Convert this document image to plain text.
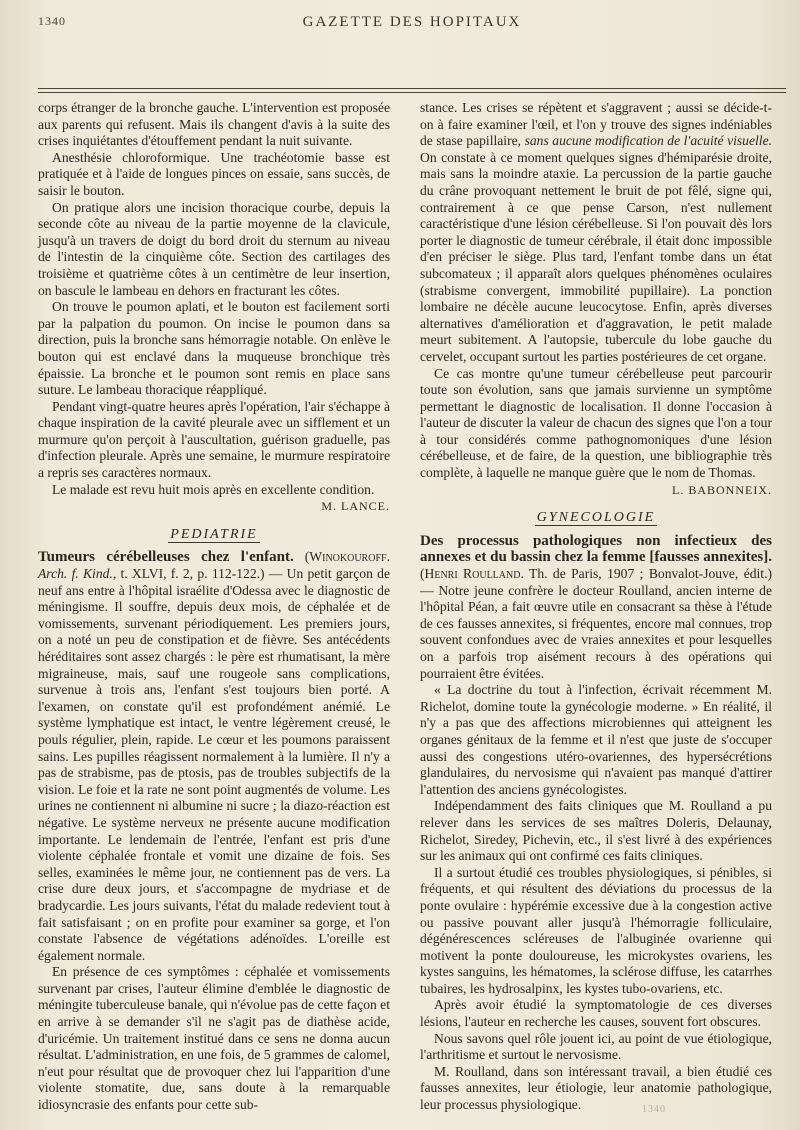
1340	GAZETTE DES HOPITAUX

corps étranger de la bronche gauche. L'intervention est proposée aux parents qui refusent. Mais ils changent d'avis à la suite des crises inquiétantes d'étouffement pendant la nuit suivante.

Anesthésie chloroformique. Une trachéotomie basse est pratiquée et à l'aide de longues pinces on essaie, sans succès, de saisir le bouton.

On pratique alors une incision thoracique courbe, depuis la seconde côte au niveau de la partie moyenne de la clavicule, jusqu'à un travers de doigt du bord droit du sternum au niveau de l'intestin de la cinquième côte. Section des cartilages des troisième et quatrième côtes à un centimètre de leur insertion, on bascule le lambeau en dehors en fracturant les côtes.

On trouve le poumon aplati, et le bouton est facilement sorti par la palpation du poumon. On incise le poumon dans sa direction, puis la bronche sans hémorragie notable. On enlève le bouton qui est enclavé dans la muqueuse bronchique très épaissie. La bronche et le poumon sont remis en place sans suture. Le lambeau thoracique réappliqué.

Pendant vingt-quatre heures après l'opération, l'air s'échappe à chaque inspiration de la cavité pleurale avec un sifflement et un murmure qu'on perçoit à l'auscultation, guérison graduelle, pas d'infection pleurale. Après une semaine, le murmure respiratoire a repris ses caractères normaux.

Le malade est revu huit mois après en excellente condition.

M. LANCE.

PEDIATRIE

Tumeurs cérébelleuses chez l'enfant. (Winokouroff. Arch. f. Kind., t. XLVI, f. 2, p. 112-122.) — Un petit garçon de neuf ans entre à l'hôpital israélite d'Odessa avec le diagnostic de méningisme. Il souffre, depuis deux mois, de céphalée et de vomissements, survenant périodiquement. Les premiers jours, on a noté un peu de constipation et de fièvre. Ses antécédents héréditaires sont assez chargés : le père est rhumatisant, la mère migraineuse, mais, sauf une rougeole sans complications, survenue à trois ans, l'enfant s'est toujours bien porté. A l'examen, on constate qu'il est profondément anémié. Le système lymphatique est intact, le ventre légèrement creusé, le pouls régulier, plein, rapide. Le cœur et les poumons paraissent sains. Les pupilles réagissent normalement à la lumière. Il n'y a pas de strabisme, pas de ptosis, pas de troubles subjectifs de la vision. Le foie et la rate ne sont point augmentés de volume. Les urines ne contiennent ni albumine ni sucre ; la diazo-réaction est négative. Le système nerveux ne présente aucune modification importante. Le lendemain de l'entrée, l'enfant est pris d'une violente céphalée frontale et vomit une dizaine de fois. Ses selles, examinées le même jour, ne contiennent pas de vers. La crise dure deux jours, et s'accompagne de mydriase et de bradycardie. Les jours suivants, l'état du malade redevient tout à fait satisfaisant ; on en profite pour examiner sa gorge, et l'on constate l'absence de végétations adénoïdes. L'oreille est également normale.

En présence de ces symptômes : céphalée et vomissements survenant par crises, l'auteur élimine d'emblée le diagnostic de méningite tuberculeuse banale, qui n'évolue pas de cette façon et en arrive à se demander s'il ne s'agit pas de diathèse acide, d'uricémie. Un traitement institué dans ce sens ne donna aucun résultat. L'administration, en une fois, de 5 grammes de calomel, n'eut pour résultat que de provoquer chez lui l'apparition d'une violente stomatite, due, sans doute à la remarquable idiosyncrasie des enfants pour cette sub-

stance. Les crises se répètent et s'aggravent ; aussi se décide-t-on à faire examiner l'œil, et l'on y trouve des signes indéniables de stase papillaire, sans aucune modification de l'acuité visuelle. On constate à ce moment quelques signes d'hémiparésie droite, mais sans la moindre ataxie. La percussion de la partie gauche du crâne provoquant nettement le bruit de pot fêlé, signe qui, contrairement à ce que pense Carson, n'est nullement caractéristique d'une lésion cérébelleuse. Si l'on pouvait dès lors porter le diagnostic de tumeur cérébrale, il était donc impossible d'en préciser le siège. Plus tard, l'enfant tombe dans un état subcomateux ; il apparaît alors quelques phénomènes oculaires (strabisme convergent, immobilité pupillaire). La ponction lombaire ne décèle aucune leucocytose. Enfin, après diverses alternatives d'amélioration et d'aggravation, le petit malade meurt subitement. A l'autopsie, tubercule du lobe gauche du cervelet, occupant surtout les parties postérieures de cet organe.

Ce cas montre qu'une tumeur cérébelleuse peut parcourir toute son évolution, sans que jamais survienne un symptôme permettant le diagnostic de localisation. Il donne l'occasion à l'auteur de discuter la valeur de chacun des signes que l'on a tour à tour considérés comme pathognomoniques d'une lésion cérébelleuse, et de faire, de la question, une bibliographie très complète, à laquelle ne manque guère que le nom de Thomas.

L. BABONNEIX.

GYNECOLOGIE

Des processus pathologiques non infectieux des annexes et du bassin chez la femme [fausses annexites]. (Henri Roulland. Th. de Paris, 1907 ; Bonvalot-Jouve, édit.) — Notre jeune confrère le docteur Roulland, ancien interne de l'hôpital Péan, a fait œuvre utile en consacrant sa thèse à l'étude de ces fausses annexites, si fréquentes, encore mal connues, trop souvent confondues avec de vraies annexites et pour lesquelles on a parfois trop aisément recours à des opérations qui pourraient être évitées.

« La doctrine du tout à l'infection, écrivait récemment M. Richelot, domine toute la gynécologie moderne. » En réalité, il n'y a pas que des affections microbiennes qui atteignent les organes génitaux de la femme et il n'est que juste de s'occuper aussi des congestions utéro-ovariennes, des hypersécrétions glandulaires, du nervosisme qui n'avaient pas manqué d'attirer l'attention des anciens gynécologistes.

Indépendamment des faits cliniques que M. Roulland a pu relever dans les services de ses maîtres Doleris, Delaunay, Richelot, Siredey, Pichevin, etc., il s'est livré à des expériences sur les animaux qui ont confirmé ces faits cliniques.

Il a surtout étudié ces troubles physiologiques, si pénibles, si fréquents, et qui résultent des déviations du processus de la ponte ovulaire : hypérémie excessive due à la congestion active ou passive pouvant aller jusqu'à l'hémorragie folliculaire, dégénérescences scléreuses de l'albuginée ovarienne qui motivent la ponte douloureuse, les microkystes ovariens, les kystes sanguins, les hématomes, la sclérose diffuse, les catarrhes tubaires, les hydrosalpinx, les kystes tubo-ovariens, etc.

Après avoir étudié la symptomatologie de ces diverses lésions, l'auteur en recherche les causes, souvent fort obscures.

Nous savons quel rôle jouent ici, au point de vue étiologique, l'arthritisme et surtout le nervosisme.

M. Roulland, dans son intéressant travail, a bien étudié ces fausses annexites, leur étiologie, leur anatomie pathologique, leur processus physiologique.	1340
